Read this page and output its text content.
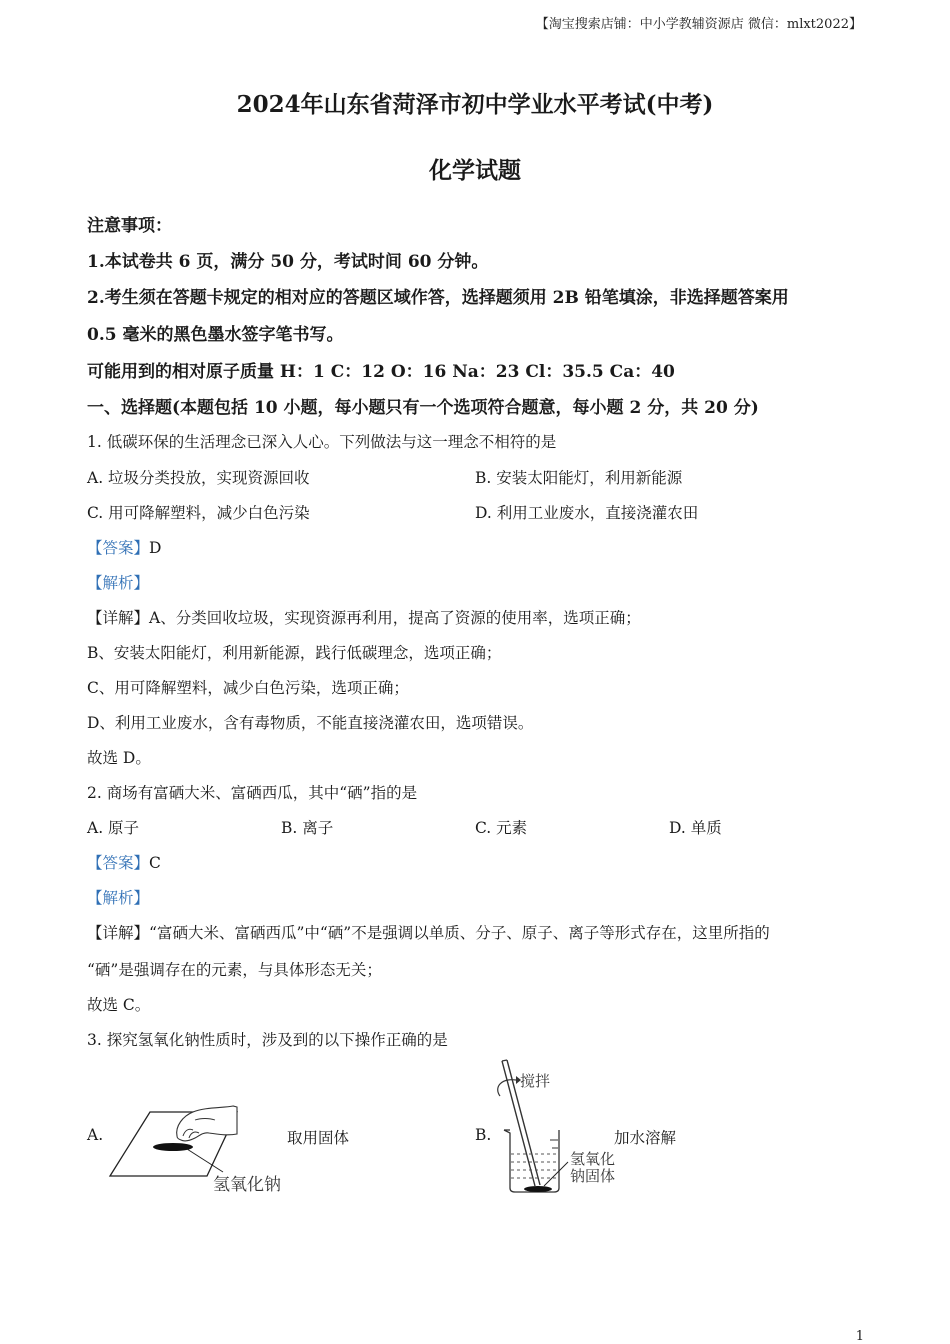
【淘宝搜索店铺：中小学教辅资源店 微信：mlxt2022】
2024年山东省菏泽市初中学业水平考试(中考)
化学试题
注意事项：
1.本试卷共 6 页，满分 50 分，考试时间 60 分钟。
2.考生须在答题卡规定的相对应的答题区域作答，选择题须用 2B 铅笔填涂，非选择题答案用
0.5 毫米的黑色墨水签字笔书写。
可能用到的相对原子质量 H：1 C：12 O：16 Na：23 Cl：35.5 Ca：40
一、选择题(本题包括 10 小题，每小题只有一个选项符合题意，每小题 2 分，共 20 分)
1. 低碳环保的生活理念已深入人心。下列做法与这一理念不相符的是
A. 垃圾分类投放，实现资源回收	B. 安装太阳能灯，利用新能源
C. 用可降解塑料，减少白色污染	D. 利用工业废水，直接浇灌农田
【答案】D
【解析】
【详解】A、分类回收垃圾，实现资源再利用，提高了资源的使用率，选项正确；
B、安装太阳能灯，利用新能源，践行低碳理念，选项正确；
C、用可降解塑料，减少白色污染，选项正确；
D、利用工业废水，含有毒物质，不能直接浇灌农田，选项错误。
故选 D。
2. 商场有富硒大米、富硒西瓜，其中“硒”指的是
A. 原子	B. 离子	C. 元素	D. 单质
【答案】C
【解析】
【详解】“富硒大米、富硒西瓜”中“硒”不是强调以单质、分子、原子、离子等形式存在，这里所指的
“硒”是强调存在的元素，与具体形态无关；
故选 C。
3. 探究氢氧化钠性质时，涉及到的以下操作正确的是
A.
氢氧化钠
取用固体	B.
搅拌
氢氧化
钠固体
加水溶解
1
